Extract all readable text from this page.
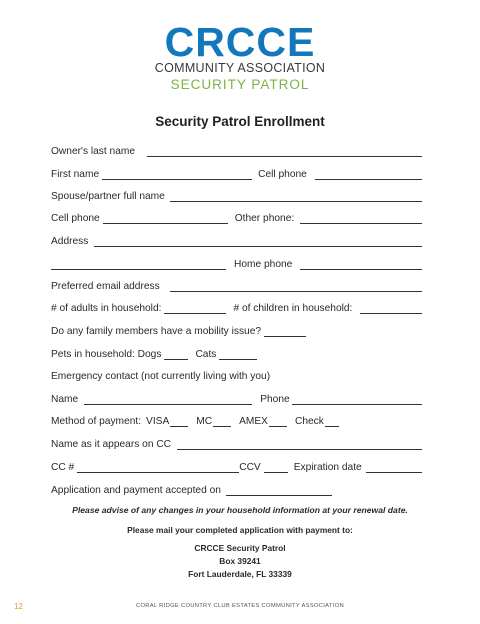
CRCCE
COMMUNITY ASSOCIATION
SECURITY PATROL
Security Patrol Enrollment
Owner's last name
First name	Cell phone
Spouse/partner full name
Cell phone	Other phone:
Address
Home phone
Preferred email address
# of adults in household:	# of children in household:
Do any family members have a mobility issue?
Pets in household: Dogs	Cats
Emergency contact (not currently living with you)
Name	Phone
Method of payment: VISA	MC	AMEX	Check
Name as it appears on CC
CC #	CCV	Expiration date
Application and payment accepted on
Please advise of any changes in your household information at your renewal date.
Please mail your completed application with payment to:
CRCCE Security Patrol
Box 39241
Fort Lauderdale, FL 33339
12	CORAL RIDGE COUNTRY CLUB ESTATES COMMUNITY ASSOCIATION
